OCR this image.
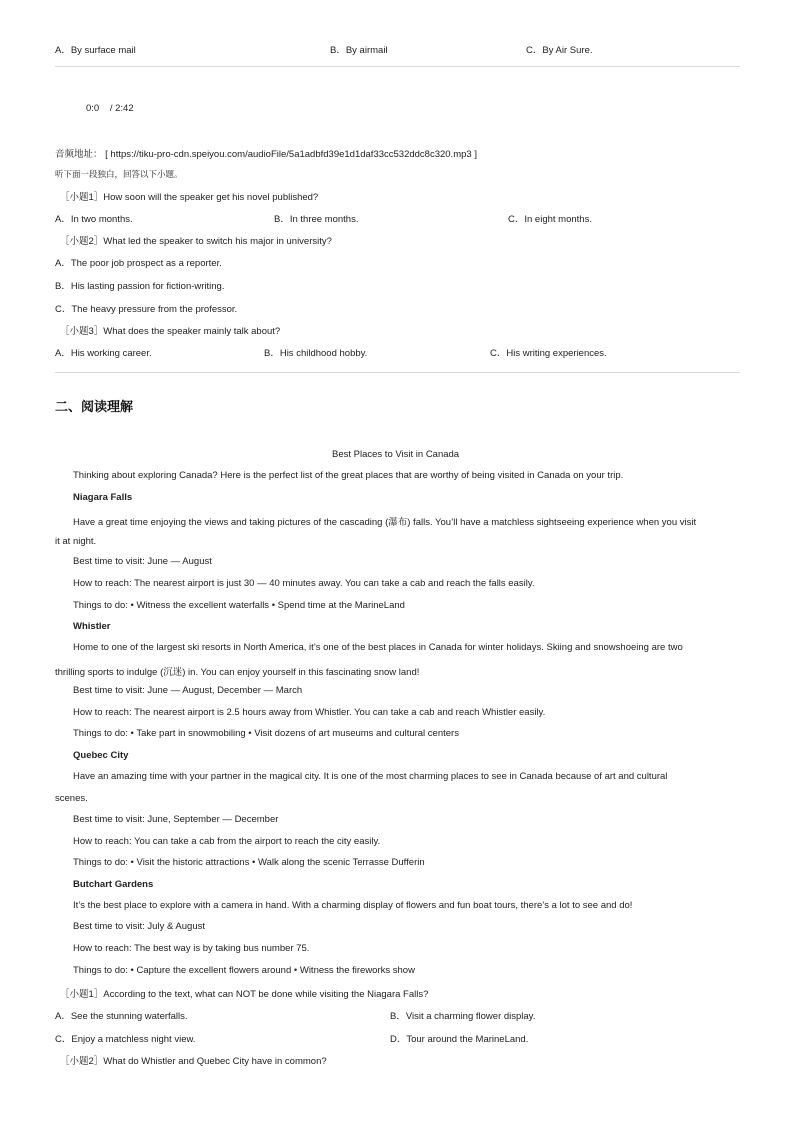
A．By surface mail	B．By airmail	C．By Air Sure.
0:0 / 2:42
音频地址： [ https://tiku-pro-cdn.speiyou.com/audioFile/5a1adbfd39e1d1daf33cc532ddc8c320.mp3 ]
听下面一段独白，回答以下小题。
［小题1］How soon will the speaker get his novel published?
A．In two months.	B．In three months.	C．In eight months.
［小题2］What led the speaker to switch his major in university?
A．The poor job prospect as a reporter.
B．His lasting passion for fiction-writing.
C．The heavy pressure from the professor.
［小题3］What does the speaker mainly talk about?
A．His working career.	B．His childhood hobby.	C．His writing experiences.
二、阅读理解
Best Places to Visit in Canada
Thinking about exploring Canada? Here is the perfect list of the great places that are worthy of being visited in Canada on your trip.
Niagara Falls
Have a great time enjoying the views and taking pictures of the cascading (瀑布) falls. You’ll have a matchless sightseeing experience when you visit
it at night.
Best time to visit: June — August
How to reach: The nearest airport is just 30 — 40 minutes away. You can take a cab and reach the falls easily.
Things to do: • Witness the excellent waterfalls • Spend time at the MarineLand
Whistler
Home to one of the largest ski resorts in North America, it’s one of the best places in Canada for winter holidays. Skiing and snowshoeing are two
thrilling sports to indulge (沉迷) in. You can enjoy yourself in this fascinating snow land!
Best time to visit: June — August, December — March
How to reach: The nearest airport is 2.5 hours away from Whistler. You can take a cab and reach Whistler easily.
Things to do: • Take part in snowmobiling • Visit dozens of art museums and cultural centers
Quebec City
Have an amazing time with your partner in the magical city. It is one of the most charming places to see in Canada because of art and cultural
scenes.
Best time to visit: June, September — December
How to reach: You can take a cab from the airport to reach the city easily.
Things to do: • Visit the historic attractions • Walk along the scenic Terrasse Dufferin
Butchart Gardens
It’s the best place to explore with a camera in hand. With a charming display of flowers and fun boat tours, there’s a lot to see and do!
Best time to visit: July & August
How to reach: The best way is by taking bus number 75.
Things to do: • Capture the excellent flowers around • Witness the fireworks show
［小题1］According to the text, what can NOT be done while visiting the Niagara Falls?
A．See the stunning waterfalls.	B．Visit a charming flower display.
C．Enjoy a matchless night view.	D．Tour around the MarineLand.
［小题2］What do Whistler and Quebec City have in common?
